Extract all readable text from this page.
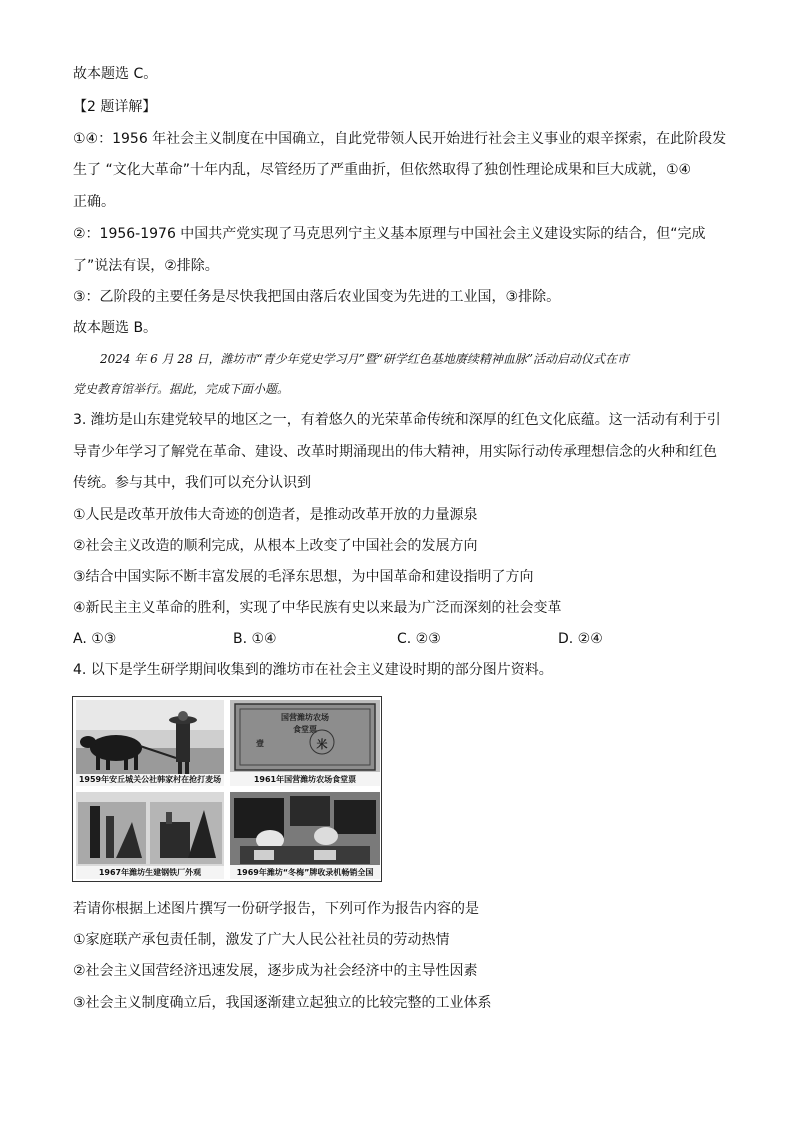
故本题选 C。
【2 题详解】
①④：1956 年社会主义制度在中国确立，自此党带领人民开始进行社会主义事业的艰辛探索，在此阶段发
生了 “文化大革命”十年内乱，尽管经历了严重曲折，但依然取得了独创性理论成果和巨大成就，①④
正确。
②：1956-1976 中国共产党实现了马克思列宁主义基本原理与中国社会主义建设实际的结合，但“完成
了”说法有误，②排除。
③：乙阶段的主要任务是尽快我把国由落后农业国变为先进的工业国，③排除。
故本题选 B。
2024 年 6 月 28 日，潍坊市“青少年党史学习月”暨“研学红色基地赓续精神血脉”活动启动仪式在市
党史教育馆举行。据此，完成下面小题。
3. 潍坊是山东建党较早的地区之一，有着悠久的光荣革命传统和深厚的红色文化底蕴。这一活动有利于引
导青少年学习了解党在革命、建设、改革时期涌现出的伟大精神，用实际行动传承理想信念的火种和红色
传统。参与其中，我们可以充分认识到
①人民是改革开放伟大奇迹的创造者，是推动改革开放的力量源泉
②社会主义改造的顺利完成，从根本上改变了中国社会的发展方向
③结合中国实际不断丰富发展的毛泽东思想，为中国革命和建设指明了方向
④新民主主义革命的胜利，实现了中华民族有史以来最为广泛而深刻的社会变革
A. ①③	B. ①④	C. ②③	D. ②④
4. 以下是学生研学期间收集到的潍坊市在社会主义建设时期的部分图片资料。
1959年安丘城关公社韩家村在抢打麦场
国营潍坊农场
食堂票
米
壹
1961年国营潍坊农场食堂票
1967年潍坊生建钢铁厂外观	1969年潍坊“冬梅”牌收录机畅销全国
若请你根据上述图片撰写一份研学报告，下列可作为报告内容的是
①家庭联产承包责任制，激发了广大人民公社社员的劳动热情
②社会主义国营经济迅速发展，逐步成为社会经济中的主导性因素
③社会主义制度确立后，我国逐渐建立起独立的比较完整的工业体系
